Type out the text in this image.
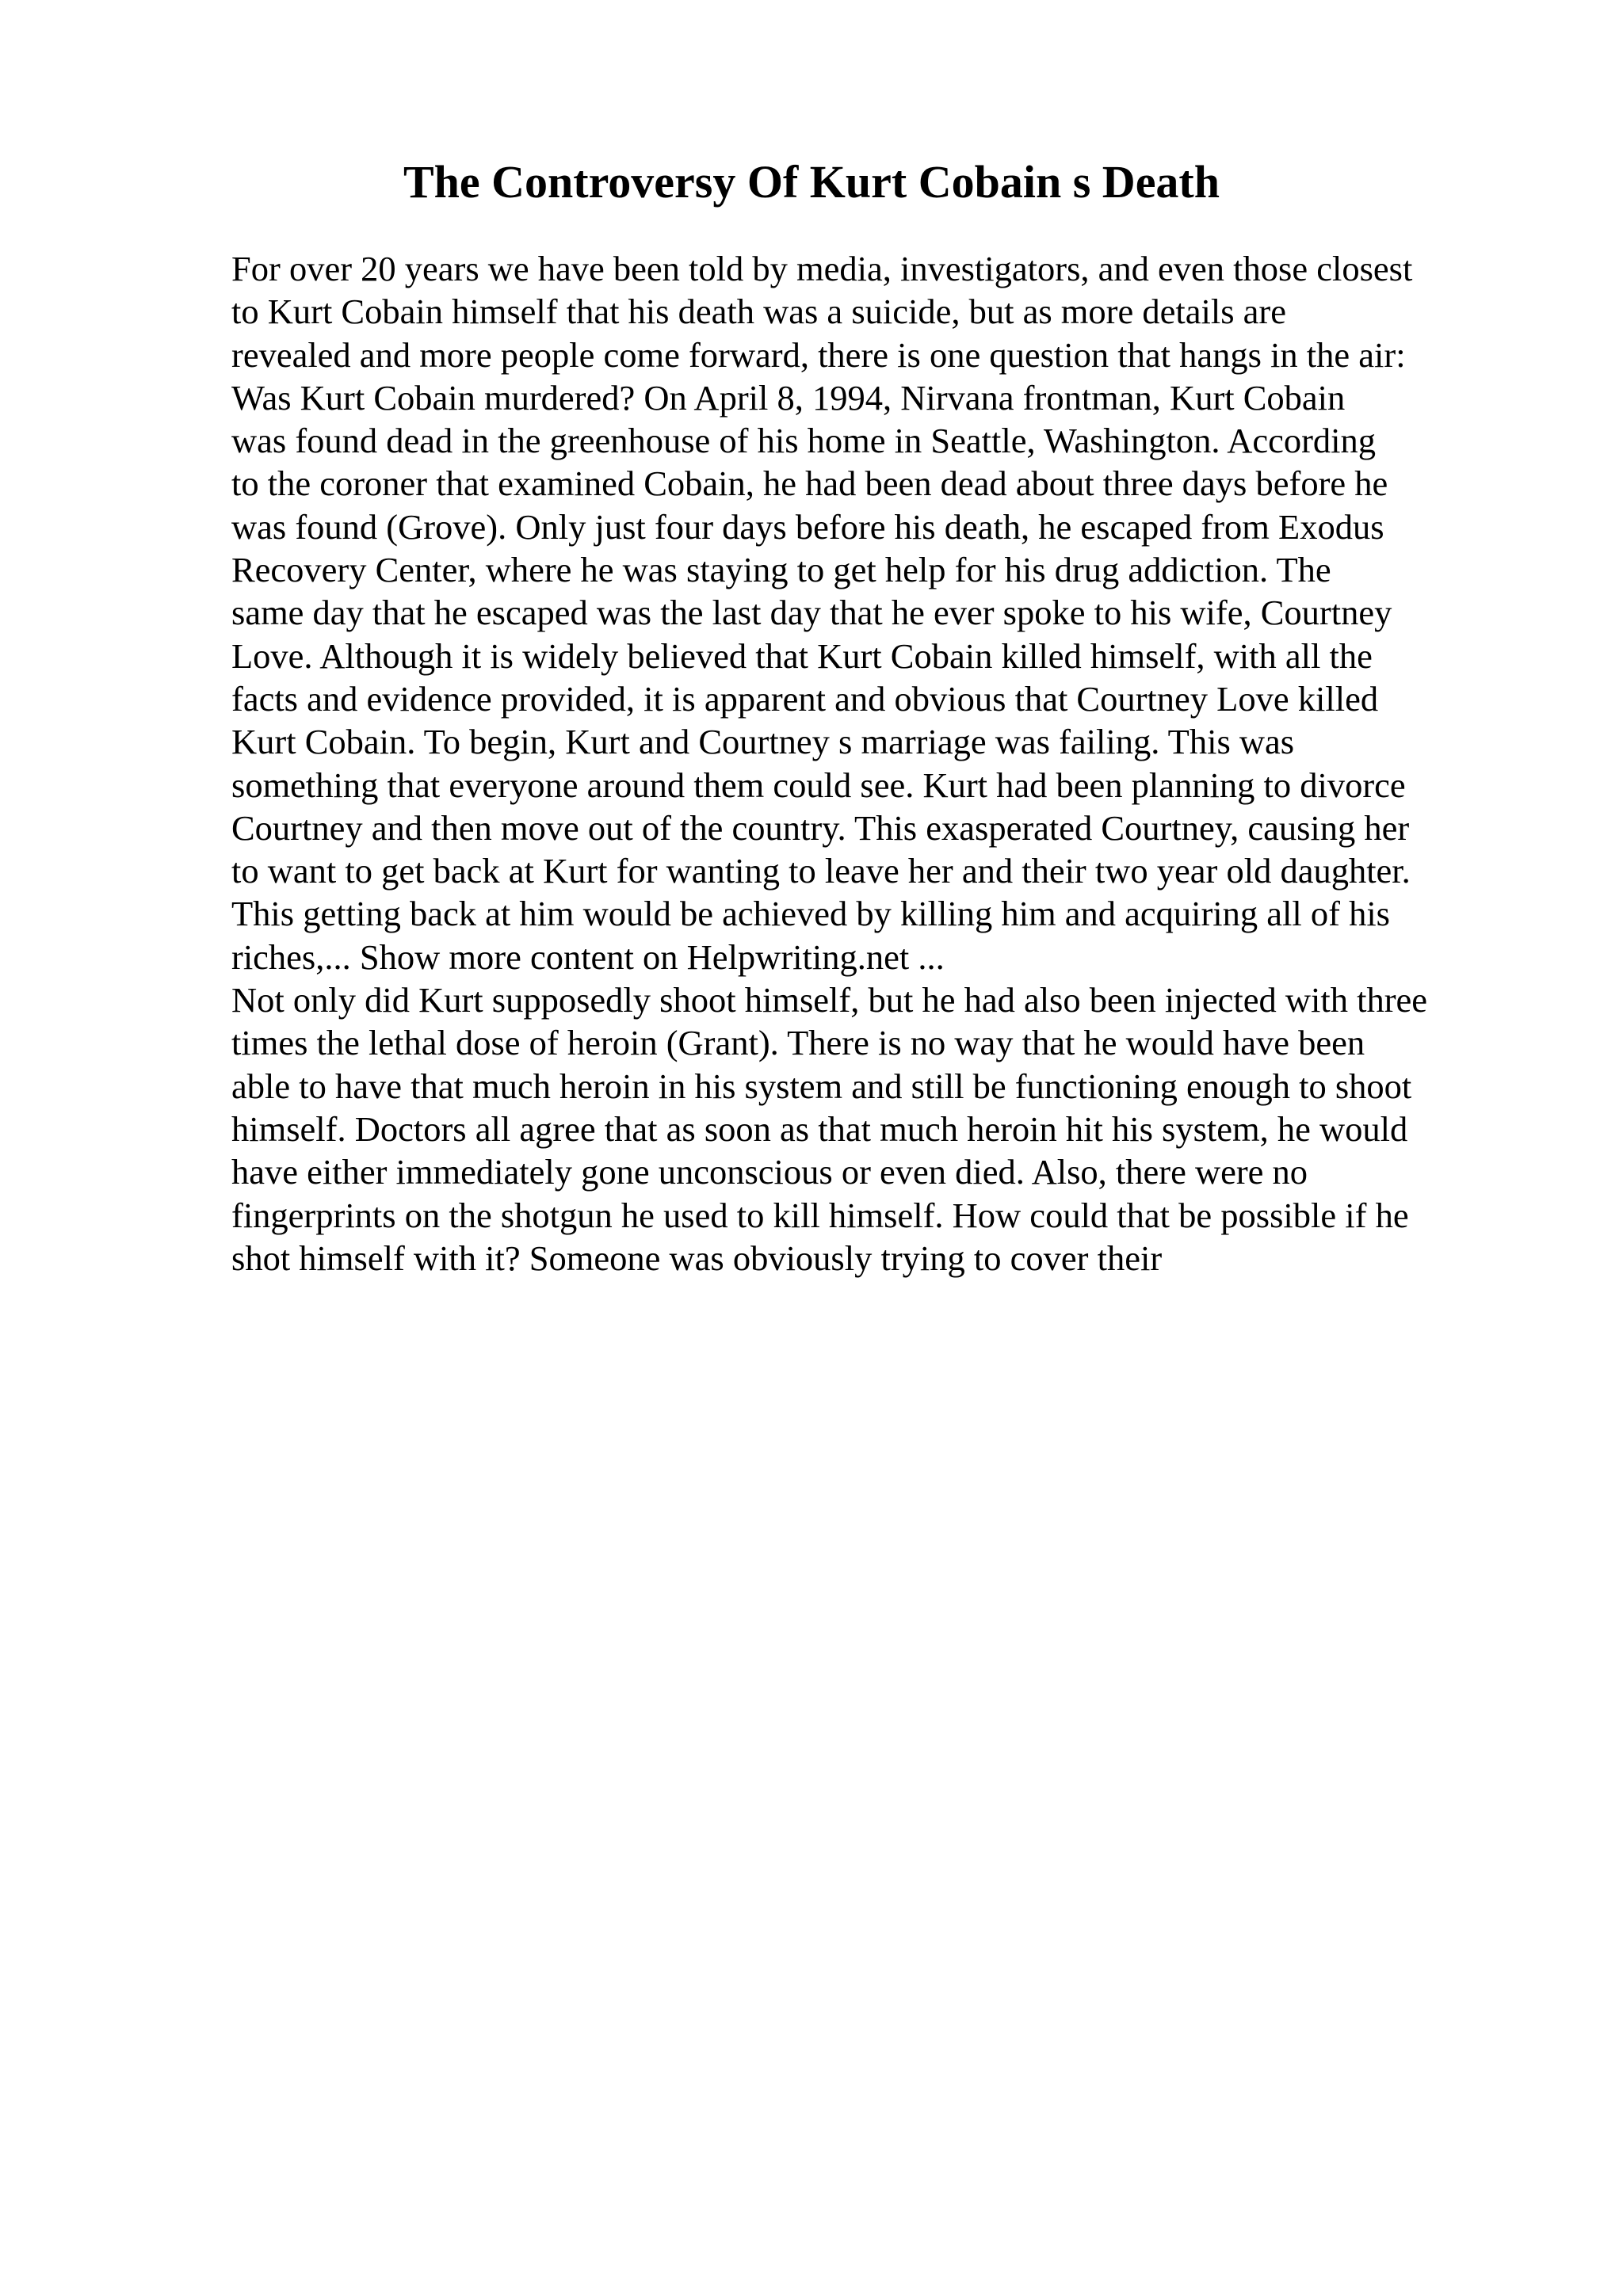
The Controversy Of Kurt Cobain s Death
For over 20 years we have been told by media, investigators, and even those closest
to Kurt Cobain himself that his death was a suicide, but as more details are
revealed and more people come forward, there is one question that hangs in the air:
Was Kurt Cobain murdered? On April 8, 1994, Nirvana frontman, Kurt Cobain
was found dead in the greenhouse of his home in Seattle, Washington. According
to the coroner that examined Cobain, he had been dead about three days before he
was found (Grove). Only just four days before his death, he escaped from Exodus
Recovery Center, where he was staying to get help for his drug addiction. The
same day that he escaped was the last day that he ever spoke to his wife, Courtney
Love. Although it is widely believed that Kurt Cobain killed himself, with all the
facts and evidence provided, it is apparent and obvious that Courtney Love killed
Kurt Cobain. To begin, Kurt and Courtney s marriage was failing. This was
something that everyone around them could see. Kurt had been planning to divorce
Courtney and then move out of the country. This exasperated Courtney, causing her
to want to get back at Kurt for wanting to leave her and their two year old daughter.
This getting back at him would be achieved by killing him and acquiring all of his
riches,... Show more content on Helpwriting.net ...
Not only did Kurt supposedly shoot himself, but he had also been injected with three
times the lethal dose of heroin (Grant). There is no way that he would have been
able to have that much heroin in his system and still be functioning enough to shoot
himself. Doctors all agree that as soon as that much heroin hit his system, he would
have either immediately gone unconscious or even died. Also, there were no
fingerprints on the shotgun he used to kill himself. How could that be possible if he
shot himself with it? Someone was obviously trying to cover their
